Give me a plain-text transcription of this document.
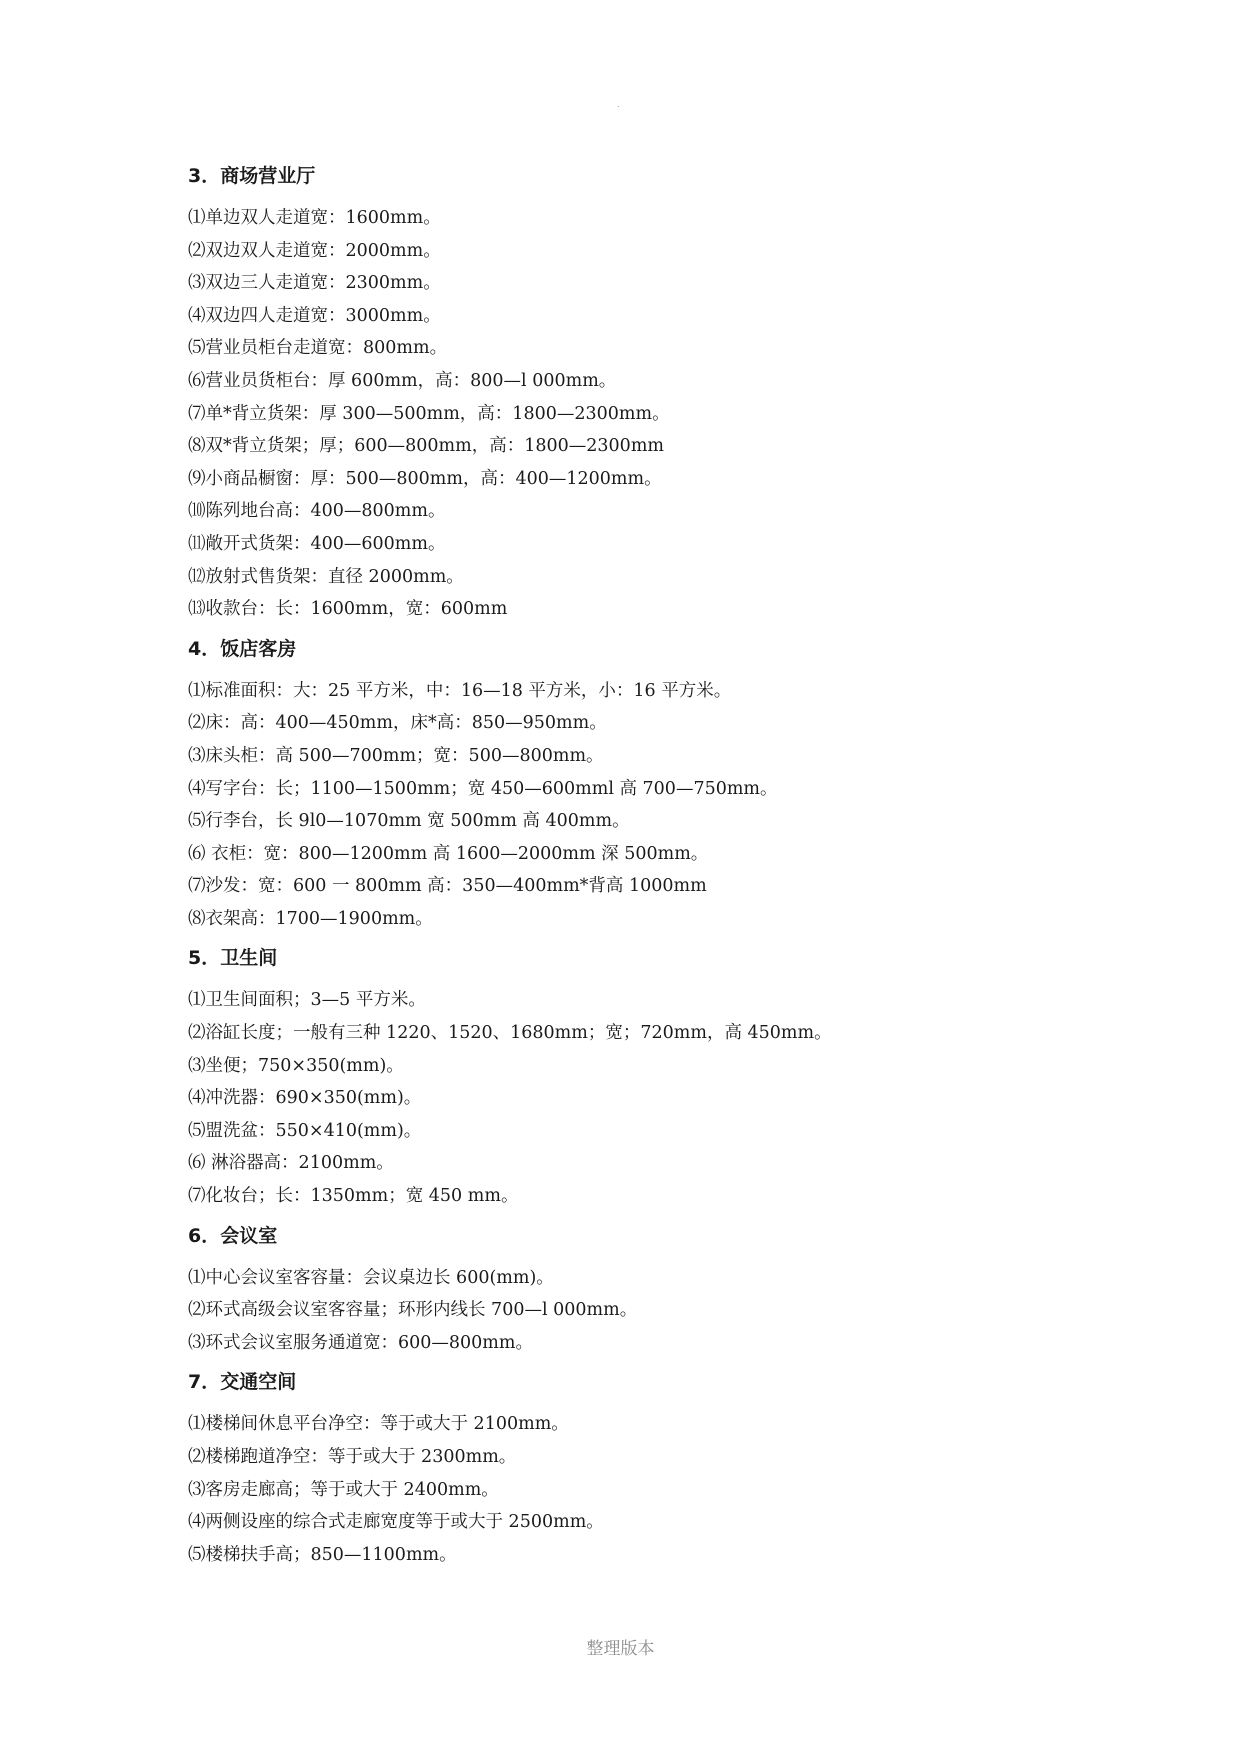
.
3．商场营业厅
⑴单边双人走道宽：1600mm。
⑵双边双人走道宽：2000mm。
⑶双边三人走道宽：2300mm。
⑷双边四人走道宽：3000mm。
⑸营业员柜台走道宽：800mm。
⑹营业员货柜台：厚 600mm，高：800—l 000mm。
⑺单*背立货架：厚 300—500mm，高：1800—2300mm。
⑻双*背立货架；厚；600—800mm，高：1800—2300mm
⑼小商品橱窗：厚：500—800mm，高：400—1200mm。
⑽陈列地台高：400—800mm。
⑾敞开式货架：400—600mm。
⑿放射式售货架：直径 2000mm。
⒀收款台：长：1600mm，宽：600mm
4．饭店客房
⑴标准面积：大：25 平方米，中：16—18 平方米，小：16 平方米。
⑵床：高：400—450mm，床*高：850—950mm。
⑶床头柜：高 500—700mm；宽：500—800mm。
⑷写字台：长；1100—1500mm；宽 450—600mml 高 700—750mm。
⑸行李台，长 9l0—1070mm 宽 500mm 高 400mm。
⑹ 衣柜：宽：800—1200mm 高 1600—2000mm 深 500mm。
⑺沙发：宽：600 一 800mm 高：350—400mm*背高 1000mm
⑻衣架高：1700—1900mm。
5．卫生间
⑴卫生间面积；3—5 平方米。
⑵浴缸长度；一般有三种 1220、1520、1680mm；宽；720mm，高 450mm。
⑶坐便；750×350(mm)。
⑷冲洗器：690×350(mm)。
⑸盟洗盆：550×410(mm)。
⑹ 淋浴器高：2100mm。
⑺化妆台；长：1350mm；宽 450 mm。
6．会议室
⑴中心会议室客容量：会议桌边长 600(mm)。
⑵环式高级会议室客容量；环形内线长 700—l 000mm。
⑶环式会议室服务通道宽：600—800mm。
7．交通空间
⑴楼梯间休息平台净空：等于或大于 2100mm。
⑵楼梯跑道净空：等于或大于 2300mm。
⑶客房走廊高；等于或大于 2400mm。
⑷两侧设座的综合式走廊宽度等于或大于 2500mm。
⑸楼梯扶手高；850—1100mm。
整理版本
